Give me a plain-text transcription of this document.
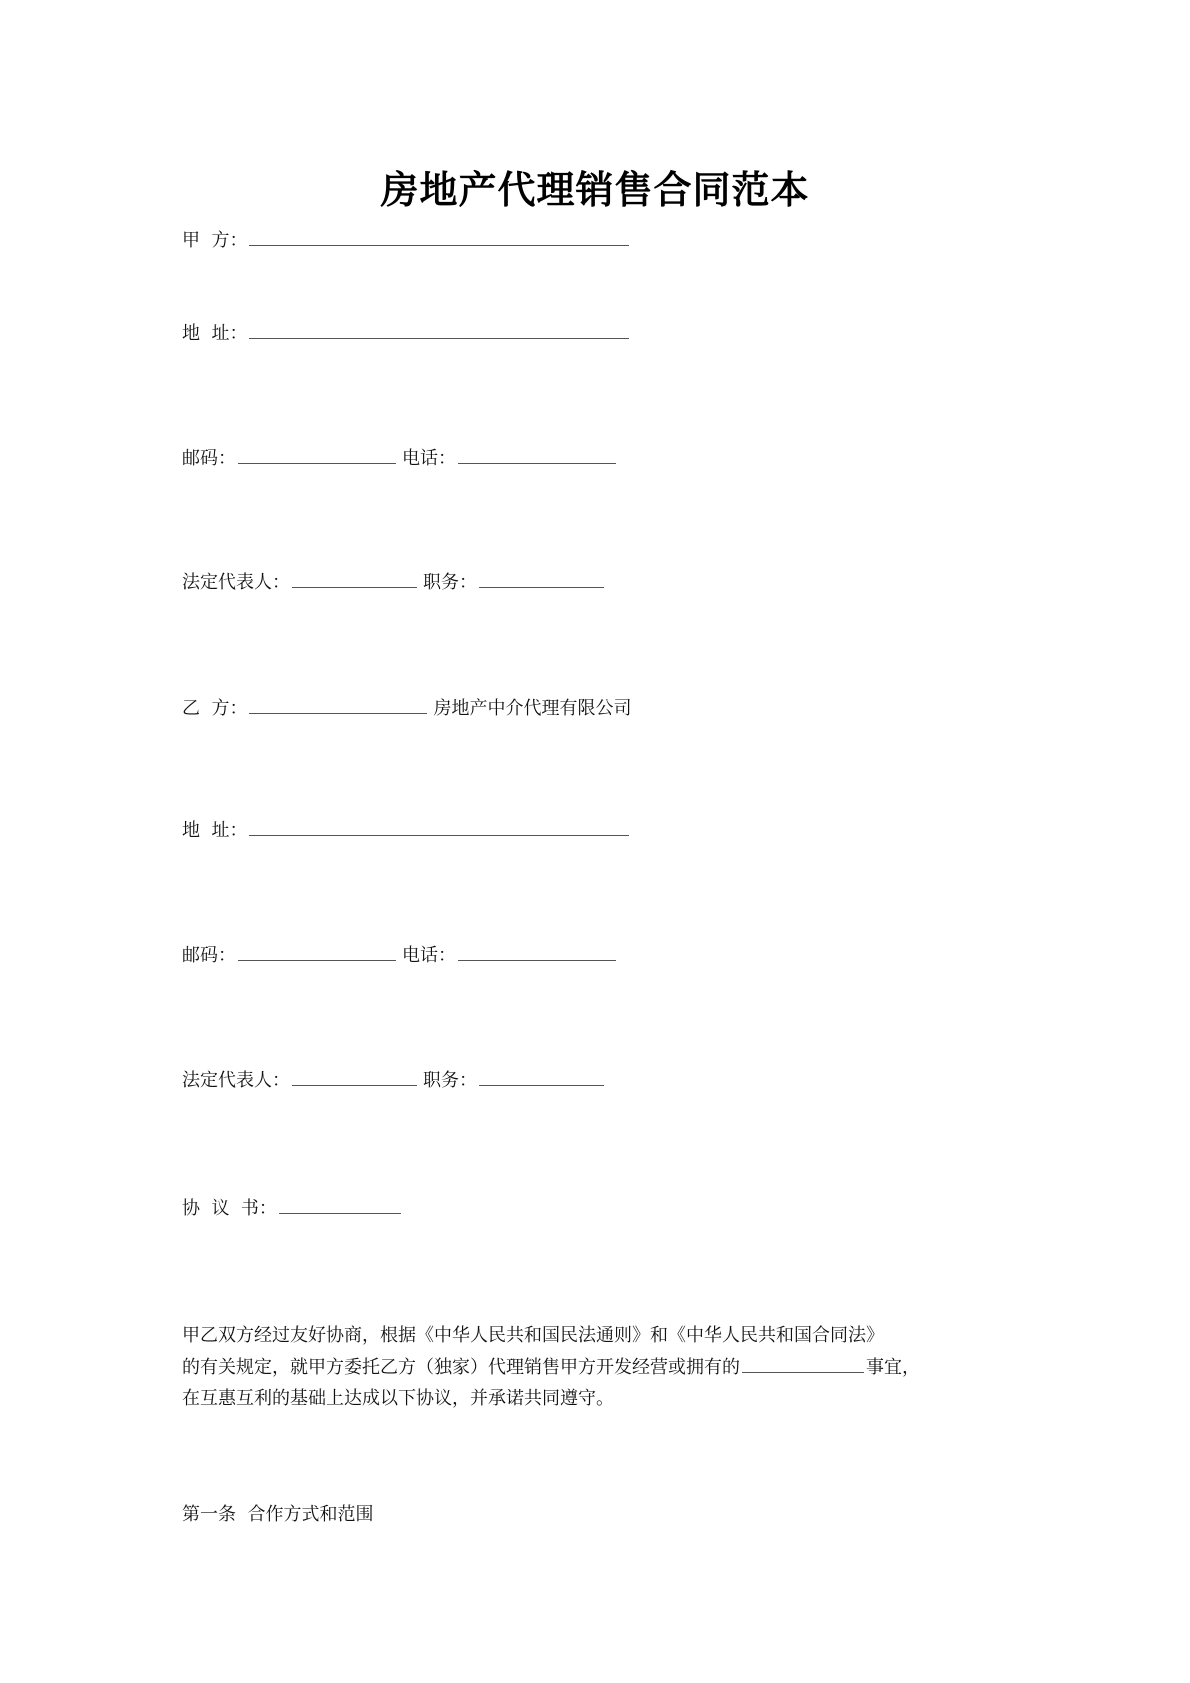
房地产代理销售合同范本
甲  方：
地  址：
邮码：	电话：
法定代表人：	职务：
乙  方：	房地产中介代理有限公司
地  址：
邮码：	电话：
法定代表人：	职务：
协  议  书：
甲乙双方经过友好协商，根据《中华人民共和国民法通则》和《中华人民共和国合同法》
的有关规定，就甲方委托乙方（独家）代理销售甲方开发经营或拥有的	事宜，
在互惠互利的基础上达成以下协议，并承诺共同遵守。
第一条  合作方式和范围
